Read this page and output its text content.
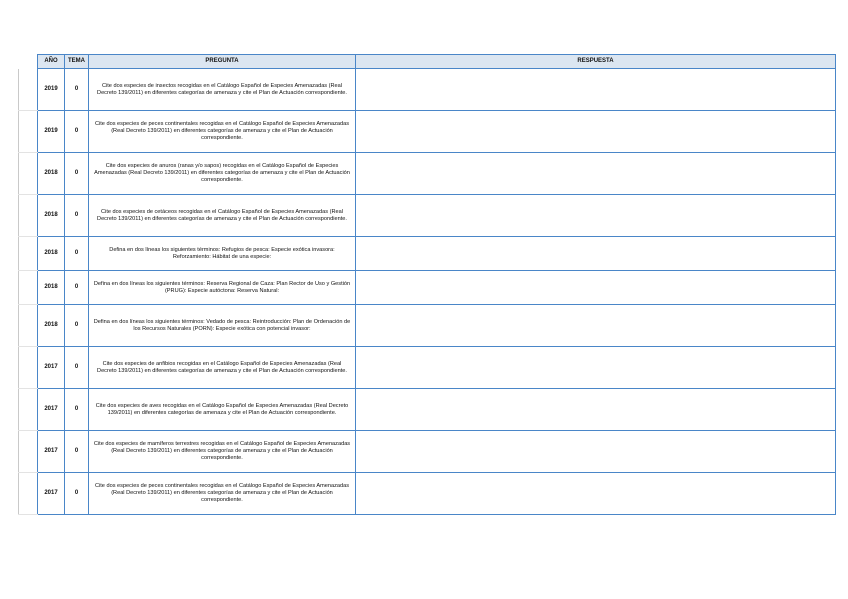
	AÑO	TEMA	PREGUNTA	RESPUESTA
	2019	0	Cite dos especies de insectos recogidas en el Catálogo Español de Especies Amenazadas (Real Decreto 139/2011) en diferentes categorías de amenaza y cite el Plan de Actuación correspondiente.	
	2019	0	Cite dos especies de peces continentales recogidas en el Catálogo Español de Especies Amenazadas (Real Decreto 139/2011) en diferentes categorías de amenaza y cite el Plan de Actuación correspondiente.	
	2018	0	Cite dos especies de anuros (ranas y/o sapos) recogidas en el Catálogo Español de Especies Amenazadas (Real Decreto 139/2011) en diferentes categorías de amenaza y cite el Plan de Actuación correspondiente.	
	2018	0	Cite dos especies de cetáceos recogidas en el Catálogo Español de Especies Amenazadas (Real Decreto 139/2011) en diferentes categorías de amenaza y cite el Plan de Actuación correspondiente.	
	2018	0	Defina en dos líneas los siguientes términos: Refugios de pesca: Especie exótica invasora: Reforzamiento: Hábitat de una especie:	
	2018	0	Defina en dos líneas los siguientes términos: Reserva Regional de Caza: Plan Rector de Uso y Gestión (PRUG): Especie autóctona: Reserva Natural:	
	2018	0	Defina en dos líneas los siguientes términos: Vedado de pesca: Reintroducción: Plan de Ordenación de los Recursos Naturales (PORN): Especie exótica con potencial invasor:	
	2017	0	Cite dos especies de anfibios recogidas en el Catálogo Español de Especies Amenazadas (Real Decreto 139/2011) en diferentes categorías de amenaza y cite el Plan de Actuación correspondiente.	
	2017	0	Cite dos especies de aves recogidas en el Catálogo Español de Especies Amenazadas (Real Decreto 139/2011) en diferentes categorías de amenaza y cite el Plan de Actuación correspondiente.	
	2017	0	Cite dos especies de mamíferos terrestres recogidas en el Catálogo Español de Especies Amenazadas (Real Decreto 139/2011) en diferentes categorías de amenaza y cite el Plan de Actuación correspondiente.	
	2017	0	Cite dos especies de peces continentales recogidas en el Catálogo Español de Especies Amenazadas (Real Decreto 139/2011) en diferentes categorías de amenaza y cite el Plan de Actuación correspondiente.	
